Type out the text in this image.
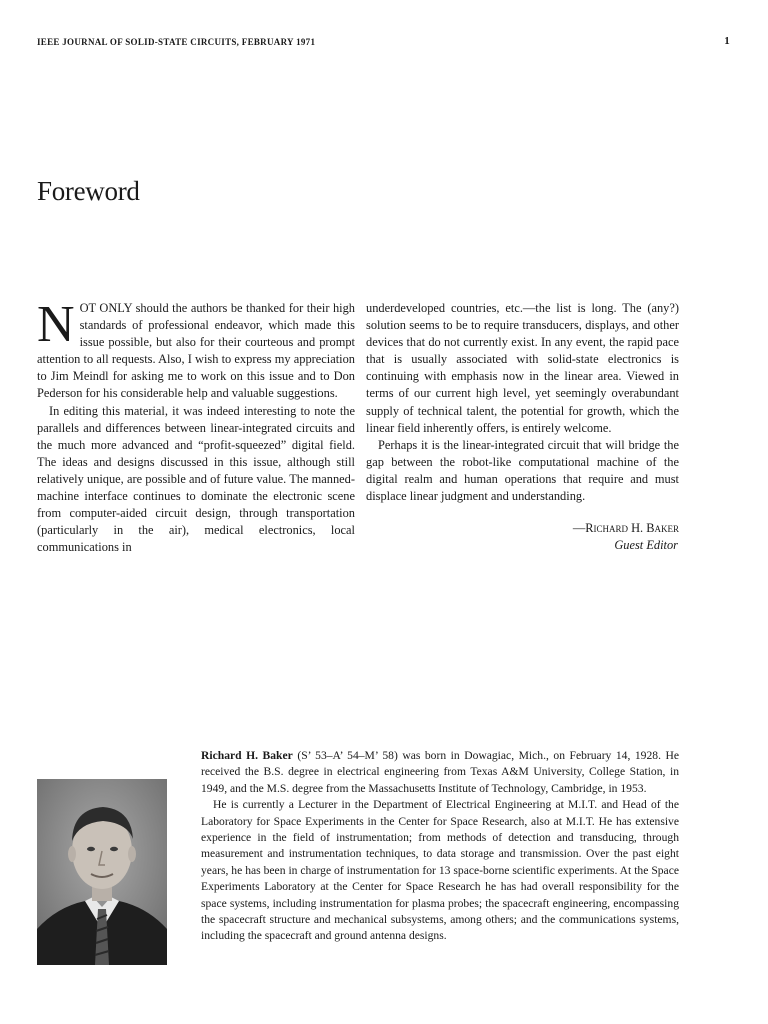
IEEE JOURNAL OF SOLID-STATE CIRCUITS, FEBRUARY 1971	1
Foreword

NOT ONLY should the authors be thanked for their high standards of professional endeavor, which made this issue possible, but also for their courteous and prompt attention to all requests. Also, I wish to express my appreciation to Jim Meindl for asking me to work on this issue and to Don Pederson for his considerable help and valuable suggestions.

In editing this material, it was indeed interesting to note the parallels and differences between linear-integrated circuits and the much more advanced and “profit-squeezed” digital field. The ideas and designs discussed in this issue, although still relatively unique, are possible and of future value. The manned-machine interface continues to dominate the electronic scene from computer-aided circuit design, through transportation (particularly in the air), medical electronics, local communications in

underdeveloped countries, etc.—the list is long. The (any?) solution seems to be to require transducers, displays, and other devices that do not currently exist. In any event, the rapid pace that is usually associated with solid-state electronics is continuing with emphasis now in the linear area. Viewed in terms of our current high level, yet seemingly overabundant supply of technical talent, the potential for growth, which the linear field inherently offers, is entirely welcome.

Perhaps it is the linear-integrated circuit that will bridge the gap between the robot-like computational machine of the digital realm and human operations that require and must displace linear judgment and understanding.

—Richard H. Baker
Guest Editor

Richard H. Baker (S’ 53–A’ 54–M’ 58) was born in Dowagiac, Mich., on February 14, 1928. He received the B.S. degree in electrical engineering from Texas A&M University, College Station, in 1949, and the M.S. degree from the Massachusetts Institute of Technology, Cambridge, in 1953.

He is currently a Lecturer in the Department of Electrical Engineering at M.I.T. and Head of the Laboratory for Space Experiments in the Center for Space Research, also at M.I.T. He has extensive experience in the field of instrumentation; from methods of detection and transducing, through measurement and instrumentation techniques, to data storage and transmission. Over the past eight years, he has been in charge of instrumentation for 13 space-borne scientific experiments. At the Space Experiments Laboratory at the Center for Space Research he has had overall responsibility for the space systems, including instrumentation for plasma probes; the spacecraft engineering, encompassing the spacecraft structure and mechanical subsystems, among others; and the communications systems, including the spacecraft and ground antenna designs.
